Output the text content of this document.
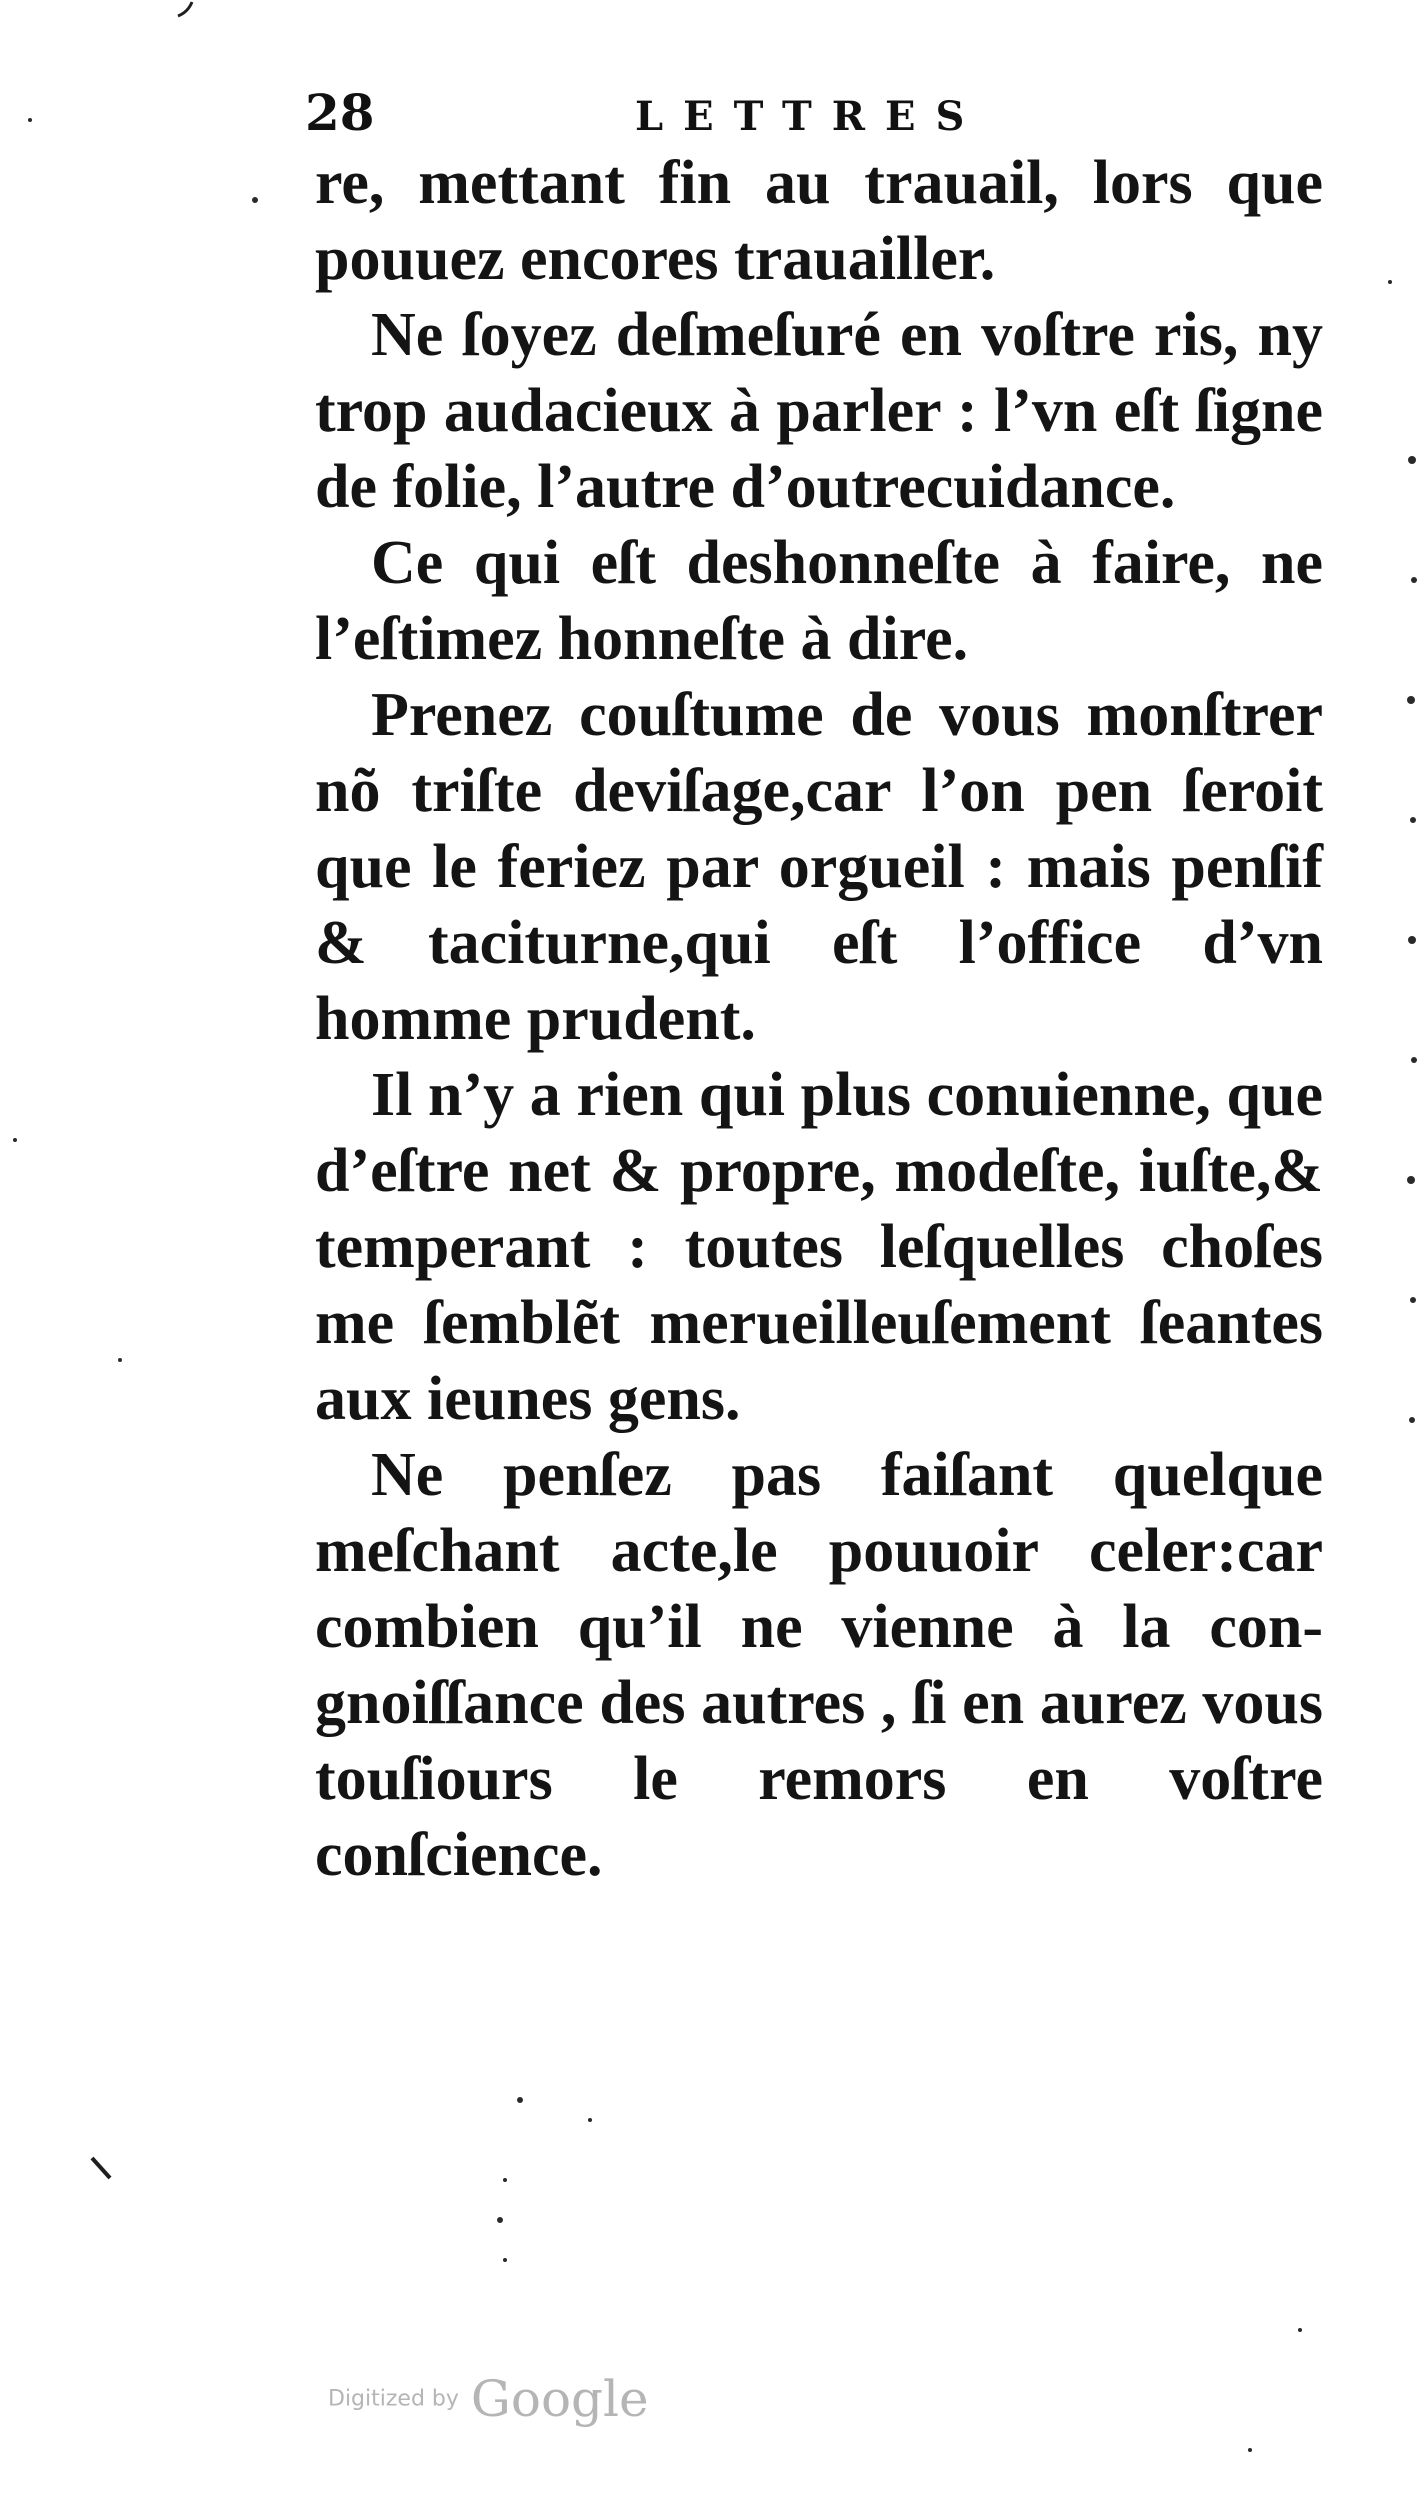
28	LETTRES

re, mettant fin au trauail, lors que pouuez encores trauailler.

Ne ſoyez deſmeſuré en voſtre ris, ny trop audacieux à parler : l’vn eſt ſigne de folie, l’autre d’outrecuidance.

Ce qui eſt deshonneſte à faire, ne l’eſtimez honneſte à dire.

Prenez couſtume de vous monſtrer nõ triſte deviſage,car l’on pen ſeroit que le feriez par orgueil : mais penſif & taciturne,qui eſt l’office d’vn homme prudent.

Il n’y a rien qui plus conuienne, que d’eſtre net & propre, modeſte, iuſte,& temperant : toutes leſquelles choſes me ſemblẽt merueilleuſement ſeantes aux ieunes gens.

Ne penſez pas faiſant quelque meſchant acte,le pouuoir celer:car combien qu’il ne vienne à la congnoiſſance des autres , ſi en aurez vous touſiours le remors en voſtre conſcience.

Digitized by Google
